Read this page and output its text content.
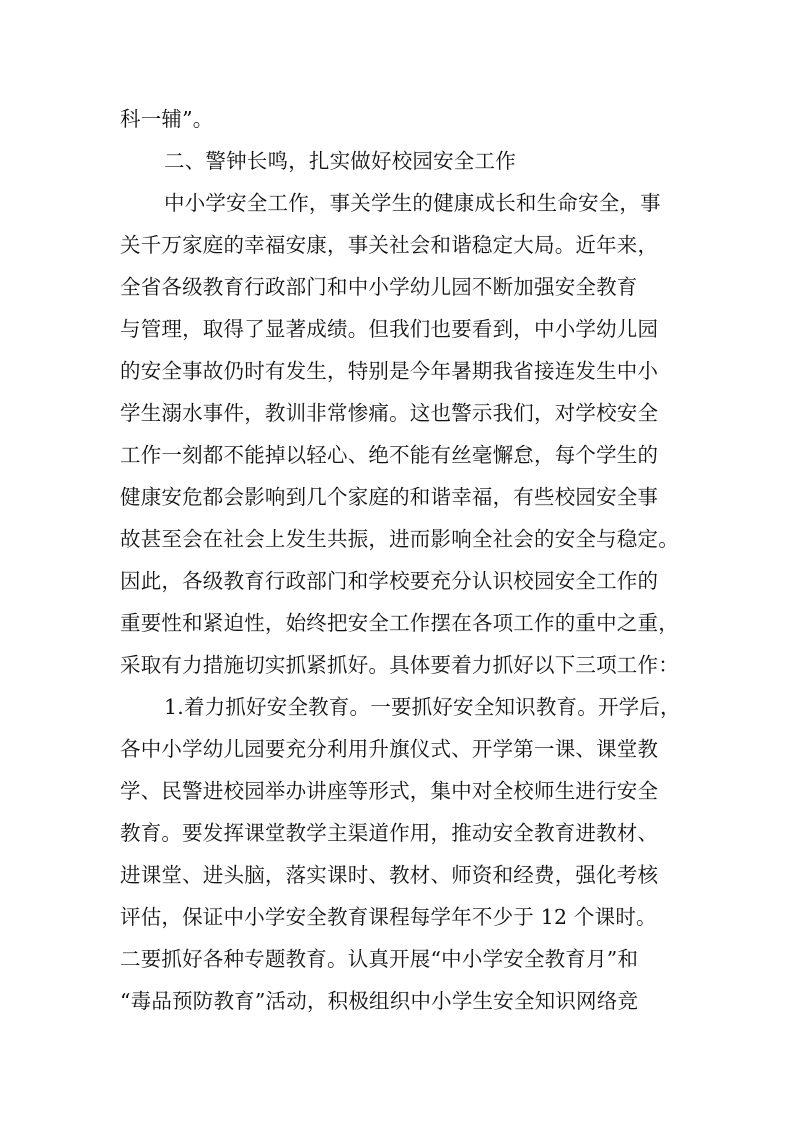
科一辅”。
二、警钟长鸣，扎实做好校园安全工作
中小学安全工作，事关学生的健康成长和生命安全，事
关千万家庭的幸福安康，事关社会和谐稳定大局。近年来，
全省各级教育行政部门和中小学幼儿园不断加强安全教育
与管理，取得了显著成绩。但我们也要看到，中小学幼儿园
的安全事故仍时有发生，特别是今年暑期我省接连发生中小
学生溺水事件，教训非常惨痛。这也警示我们，对学校安全
工作一刻都不能掉以轻心、绝不能有丝毫懈怠，每个学生的
健康安危都会影响到几个家庭的和谐幸福，有些校园安全事
故甚至会在社会上发生共振，进而影响全社会的安全与稳定。
因此，各级教育行政部门和学校要充分认识校园安全工作的
重要性和紧迫性，始终把安全工作摆在各项工作的重中之重，
采取有力措施切实抓紧抓好。具体要着力抓好以下三项工作：
1.着力抓好安全教育。一要抓好安全知识教育。开学后，
各中小学幼儿园要充分利用升旗仪式、开学第一课、课堂教
学、民警进校园举办讲座等形式，集中对全校师生进行安全
教育。要发挥课堂教学主渠道作用，推动安全教育进教材、
进课堂、进头脑，落实课时、教材、师资和经费，强化考核
评估，保证中小学安全教育课程每学年不少于 12 个课时。
二要抓好各种专题教育。认真开展“中小学安全教育月”和
“毒品预防教育”活动，积极组织中小学生安全知识网络竞
